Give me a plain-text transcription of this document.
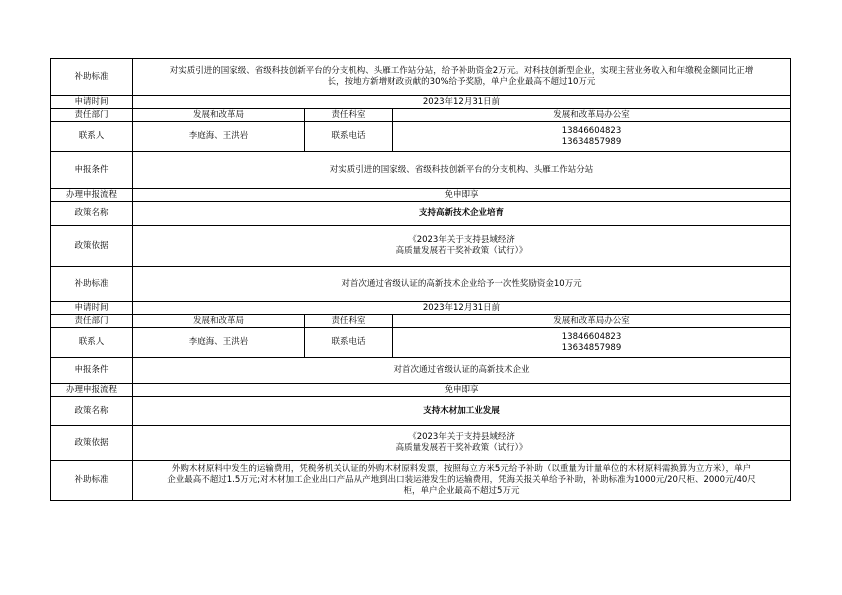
补助标准	对实质引进的国家级、省级科技创新平台的分支机构、头雁工作站分站，给予补助资金2万元。对科技创新型企业，实现主营业务收入和年缴税金额同比正增
长，按地方新增财政贡献的30%给予奖励，单户企业最高不超过10万元		

申请时间	2023年12月31日前		
责任部门	发展和改革局	责任科室	发展和改革局办公室
联系人	李庭海、王洪岩	联系电话	13846604823
13634857989

申报条件	对实质引进的国家级、省级科技创新平台的分支机构、头雁工作站分站		
办理申报流程	免申即享		
政策名称	支持高新技术企业培育		
政策依据	《2023年关于支持县域经济
高质量发展若干奖补政策（试行）》		

补助标准	对首次通过省级认证的高新技术企业给予一次性奖励资金10万元		
申请时间	2023年12月31日前		
责任部门	发展和改革局	责任科室	发展和改革局办公室
联系人	李庭海、王洪岩	联系电话	13846604823
13634857989

申报条件	对首次通过省级认证的高新技术企业		
办理申报流程	免申即享		
政策名称	支持木材加工业发展		
政策依据	《2023年关于支持县域经济
高质量发展若干奖补政策（试行）》		

补助标准	外购木材原料中发生的运输费用，凭税务机关认证的外购木材原料发票，按照每立方米5元给予补助（以重量为计量单位的木材原料需换算为立方米），单户
企业最高不超过1.5万元;对木材加工企业出口产品从产地到出口装运港发生的运输费用，凭海关报关单给予补助，补助标准为1000元/20尺柜、2000元/40尺
柜，单户企业最高不超过5万元		
